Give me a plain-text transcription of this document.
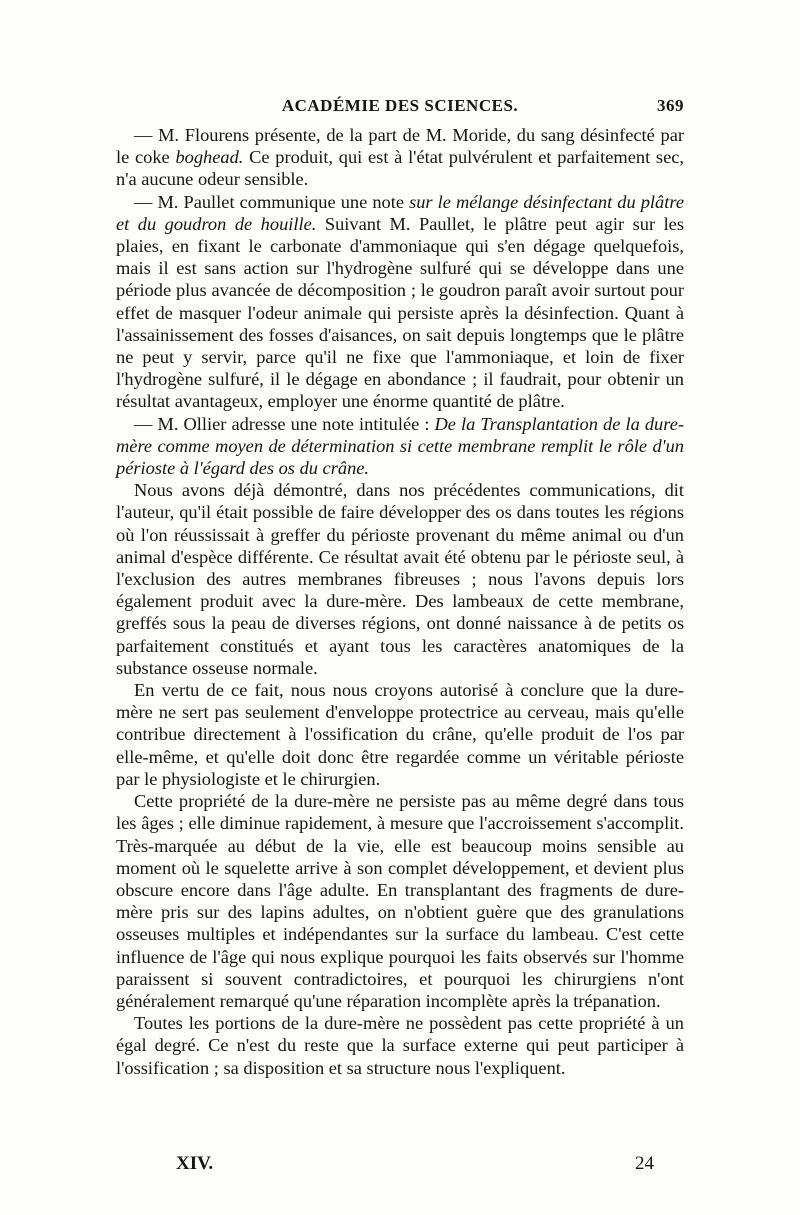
ACADÉMIE DES SCIENCES.	369

— M. Flourens présente, de la part de M. Moride, du sang désinfecté par le coke boghead. Ce produit, qui est à l'état pulvérulent et parfaitement sec, n'a aucune odeur sensible.

— M. Paullet communique une note sur le mélange désinfectant du plâtre et du goudron de houille. Suivant M. Paullet, le plâtre peut agir sur les plaies, en fixant le carbonate d'ammoniaque qui s'en dégage quelquefois, mais il est sans action sur l'hydrogène sulfuré qui se développe dans une période plus avancée de décomposition ; le goudron paraît avoir surtout pour effet de masquer l'odeur animale qui persiste après la désinfection. Quant à l'assainissement des fosses d'aisances, on sait depuis longtemps que le plâtre ne peut y servir, parce qu'il ne fixe que l'ammoniaque, et loin de fixer l'hydrogène sulfuré, il le dégage en abondance ; il faudrait, pour obtenir un résultat avantageux, employer une énorme quantité de plâtre.

— M. Ollier adresse une note intitulée : De la Transplantation de la dure-mère comme moyen de détermination si cette membrane remplit le rôle d'un périoste à l'égard des os du crâne.

Nous avons déjà démontré, dans nos précédentes communications, dit l'auteur, qu'il était possible de faire développer des os dans toutes les régions où l'on réussissait à greffer du périoste provenant du même animal ou d'un animal d'espèce différente. Ce résultat avait été obtenu par le périoste seul, à l'exclusion des autres membranes fibreuses ; nous l'avons depuis lors également produit avec la dure-mère. Des lambeaux de cette membrane, greffés sous la peau de diverses régions, ont donné naissance à de petits os parfaitement constitués et ayant tous les caractères anatomiques de la substance osseuse normale.

En vertu de ce fait, nous nous croyons autorisé à conclure que la dure-mère ne sert pas seulement d'enveloppe protectrice au cerveau, mais qu'elle contribue directement à l'ossification du crâne, qu'elle produit de l'os par elle-même, et qu'elle doit donc être regardée comme un véritable périoste par le physiologiste et le chirurgien.

Cette propriété de la dure-mère ne persiste pas au même degré dans tous les âges ; elle diminue rapidement, à mesure que l'accroissement s'accomplit. Très-marquée au début de la vie, elle est beaucoup moins sensible au moment où le squelette arrive à son complet développement, et devient plus obscure encore dans l'âge adulte. En transplantant des fragments de dure-mère pris sur des lapins adultes, on n'obtient guère que des granulations osseuses multiples et indépendantes sur la surface du lambeau. C'est cette influence de l'âge qui nous explique pourquoi les faits observés sur l'homme paraissent si souvent contradictoires, et pourquoi les chirurgiens n'ont généralement remarqué qu'une réparation incomplète après la trépanation.

Toutes les portions de la dure-mère ne possèdent pas cette propriété à un égal degré. Ce n'est du reste que la surface externe qui peut participer à l'ossification ; sa disposition et sa structure nous l'expliquent.

XIV.	24
